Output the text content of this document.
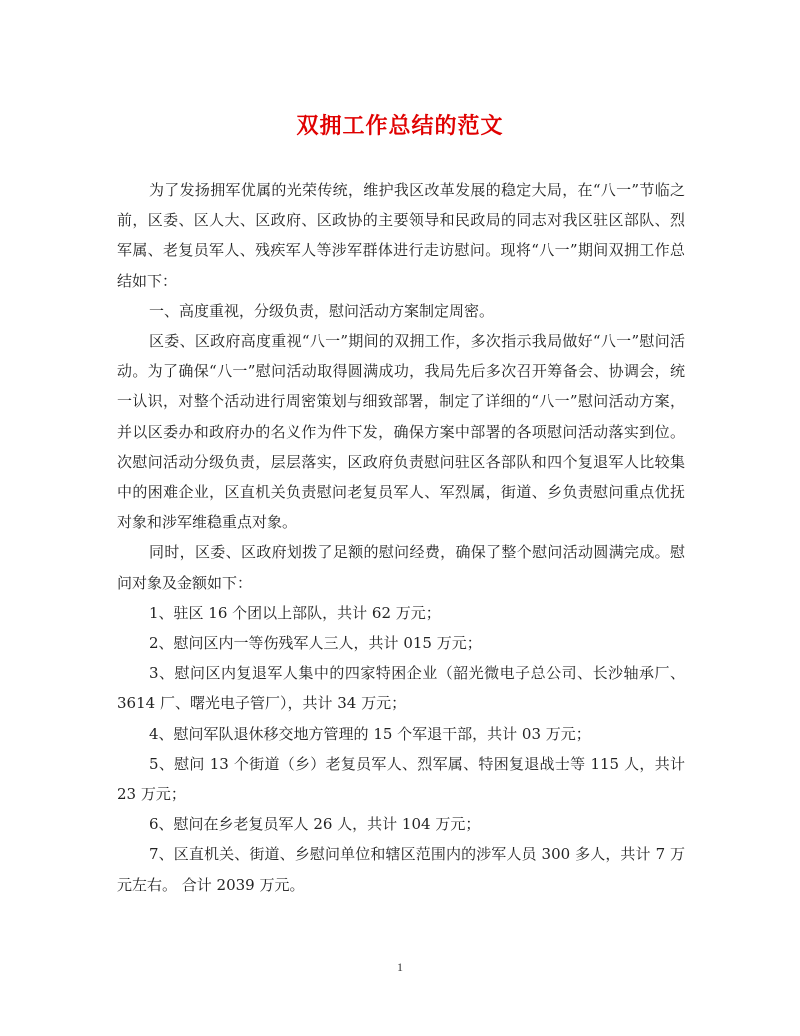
双拥工作总结的范文

为了发扬拥军优属的光荣传统，维护我区改革发展的稳定大局，在“八一”节临之前，区委、区人大、区政府、区政协的主要领导和民政局的同志对我区驻区部队、烈军属、老复员军人、残疾军人等涉军群体进行走访慰问。现将“八一”期间双拥工作总结如下：

一、高度重视，分级负责，慰问活动方案制定周密。

区委、区政府高度重视“八一”期间的双拥工作，多次指示我局做好“八一”慰问活动。为了确保“八一”慰问活动取得圆满成功，我局先后多次召开筹备会、协调会，统一认识，对整个活动进行周密策划与细致部署，制定了详细的“八一”慰问活动方案，并以区委办和政府办的名义作为件下发，确保方案中部署的各项慰问活动落实到位。 次慰问活动分级负责，层层落实，区政府负责慰问驻区各部队和四个复退军人比较集中的困难企业，区直机关负责慰问老复员军人、军烈属，街道、乡负责慰问重点优抚对象和涉军维稳重点对象。

同时，区委、区政府划拨了足额的慰问经费，确保了整个慰问活动圆满完成。慰问对象及金额如下：

1、驻区 16 个团以上部队，共计 62 万元；

2、慰问区内一等伤残军人三人，共计 015 万元；

3、慰问区内复退军人集中的四家特困企业（韶光微电子总公司、长沙轴承厂、3614 厂、曙光电子管厂），共计 34 万元；

4、慰问军队退休移交地方管理的 15 个军退干部，共计 03 万元；

5、慰问 13 个街道（乡）老复员军人、烈军属、特困复退战士等 115 人，共计 23 万元；

6、慰问在乡老复员军人 26 人，共计 104 万元；

7、区直机关、街道、乡慰问单位和辖区范围内的涉军人员 300 多人，共计 7 万元左右。 合计 2039 万元。

1
